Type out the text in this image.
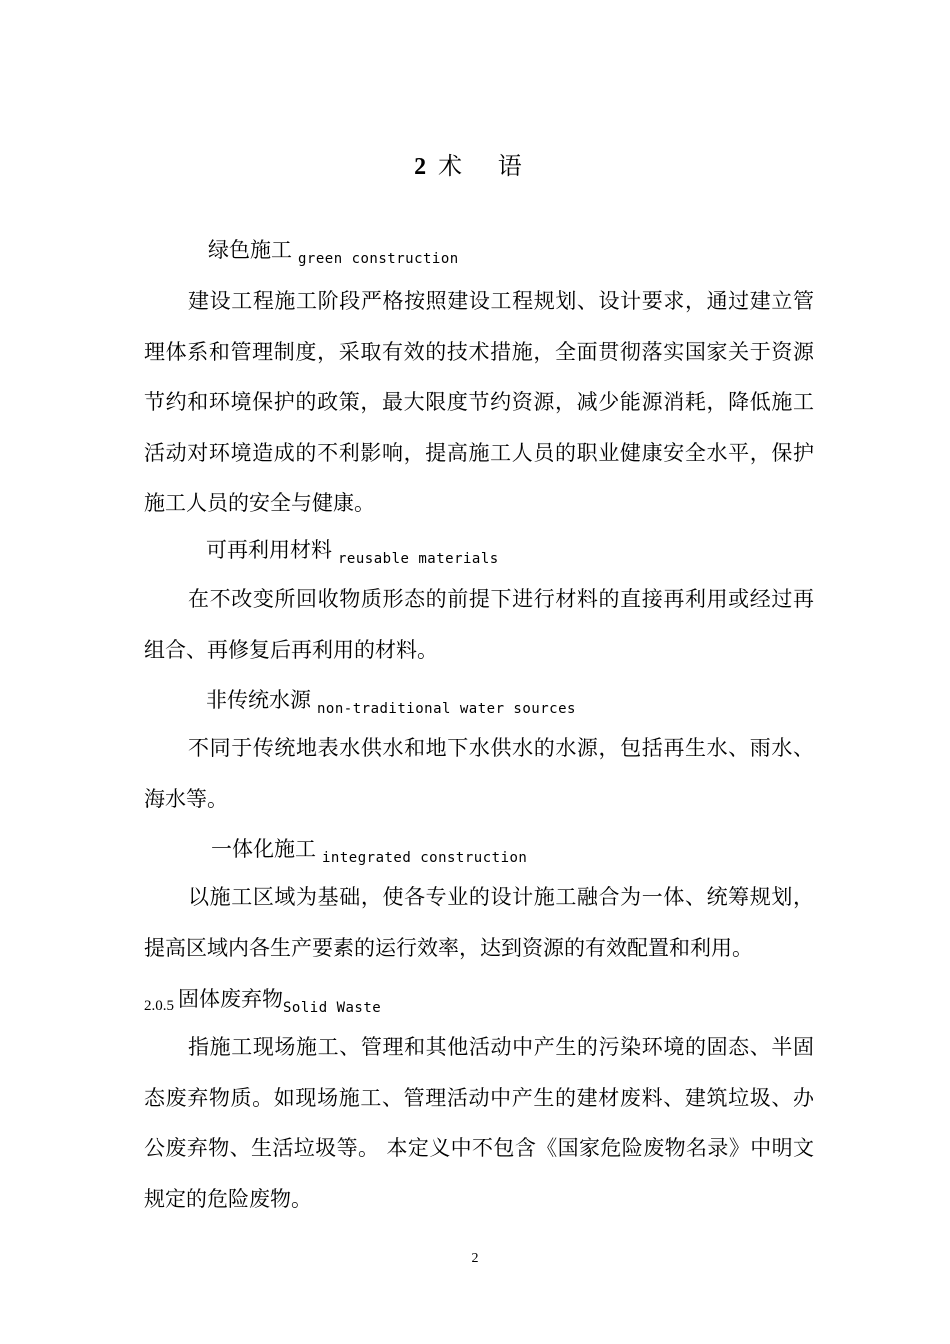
2 术 语
绿色施工 $_{green construction}$
建设工程施工阶段严格按照建设工程规划、设计要求，通过建立管理体系和管理制度，采取有效的技术措施，全面贯彻落实国家关于资源节约和环境保护的政策，最大限度节约资源，减少能源消耗，降低施工活动对环境造成的不利影响，提高施工人员的职业健康安全水平，保护施工人员的安全与健康。
可再利用材料 $_{reusable materials}$
在不改变所回收物质形态的前提下进行材料的直接再利用或经过再组合、再修复后再利用的材料。
非传统水源 $_{non-traditional water sources}$
不同于传统地表水供水和地下水供水的水源，包括再生水、雨水、海水等。
一体化施工 $_{integrated construction}$
以施工区域为基础，使各专业的设计施工融合为一体、统筹规划，提高区域内各生产要素的运行效率，达到资源的有效配置和利用。
2.0.5 固体废弃物$_{Solid Waste}$
指施工现场施工、管理和其他活动中产生的污染环境的固态、半固态废弃物质。如现场施工、管理活动中产生的建材废料、建筑垃圾、办公废弃物、生活垃圾等。 本定义中不包含《国家危险废物名录》中明文规定的危险废物。
2
